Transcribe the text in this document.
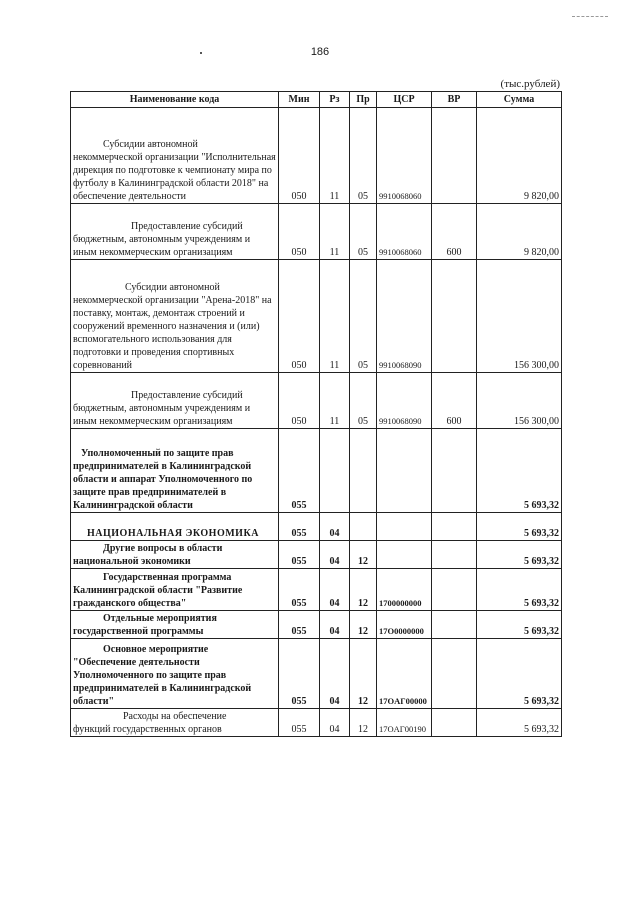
186
(тыс.рублей)
Наименование кода	Мин	Рз	Пр	ЦСР	ВР	Сумма
Субсидии автономной
некоммерческой организации "Исполнительная дирекция по подготовке к чемпионату мира по футболу в Калининградской области 2018" на обеспечение деятельности	050	11	05	9910068060		9 820,00
Предоставление субсидий
бюджетным, автономным учреждениям и иным некоммерческим организациям	050	11	05	9910068060	600	9 820,00
Субсидии автономной
некоммерческой организации "Арена-2018" на поставку, монтаж, демонтаж строений и сооружений временного назначения и (или) вспомогательного использования для подготовки и проведения спортивных соревнований	050	11	05	9910068090		156 300,00
Предоставление субсидий
бюджетным, автономным учреждениям и иным некоммерческим организациям	050	11	05	9910068090	600	156 300,00
Уполномоченный по защите прав
предпринимателей в Калининградской области и аппарат Уполномоченного по защите прав предпринимателей в Калининградской области	055					5 693,32
НАЦИОНАЛЬНАЯ ЭКОНОМИКА	055	04				5 693,32
Другие вопросы в области
национальной экономики	055	04	12			5 693,32
Государственная программа
Калининградской области "Развитие гражданского общества"	055	04	12	1700000000		5 693,32
Отдельные мероприятия
государственной программы	055	04	12	17O0000000		5 693,32
Основное мероприятие
"Обеспечение деятельности Уполномоченного по защите прав предпринимателей в Калининградской области"	055	04	12	17OАГ00000		5 693,32
Расходы на обеспечение
функций государственных органов	055	04	12	17OАГ00190		5 693,32
